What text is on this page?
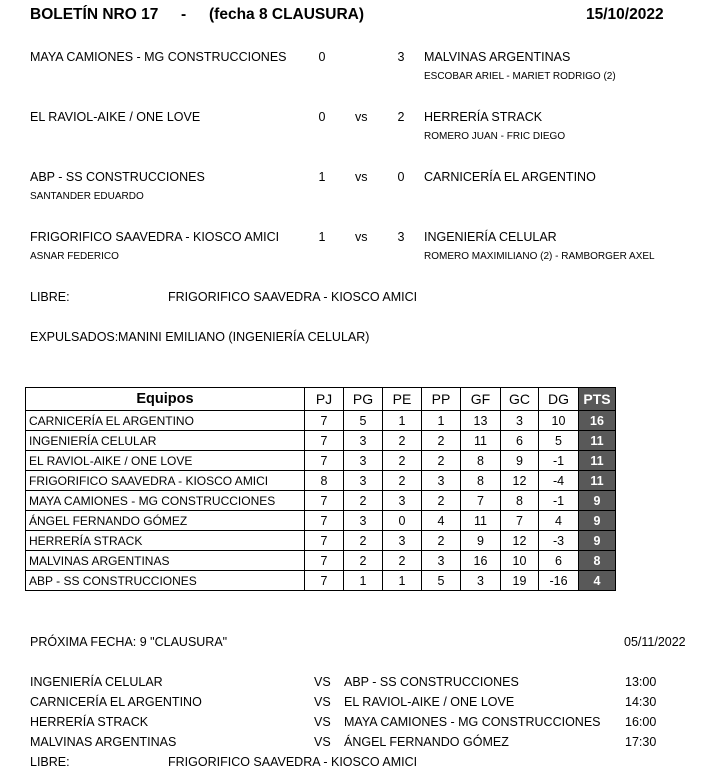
BOLETÍN NRO 17 - (fecha 8 CLAUSURA)	15/10/2022
MAYA CAMIONES - MG CONSTRUCCIONES	0	3	MALVINAS ARGENTINAS
ESCOBAR ARIEL - MARIET RODRIGO (2)
EL RAVIOL-AIKE / ONE LOVE	0	vs	2	HERRERÍA STRACK
ROMERO JUAN - FRIC DIEGO
ABP - SS CONSTRUCCIONES	1	vs	0	CARNICERÍA EL ARGENTINO
SANTANDER EDUARDO
FRIGORIFICO SAAVEDRA - KIOSCO AMICI	1	vs	3	INGENIERÍA CELULAR
ASNAR FEDERICO	ROMERO MAXIMILIANO (2) - RAMBORGER AXEL
LIBRE:	FRIGORIFICO SAAVEDRA - KIOSCO AMICI
EXPULSADOS: MANINI EMILIANO (INGENIERÍA CELULAR)
Equipos	PJ	PG	PE	PP	GF	GC	DG	PTS
CARNICERÍA EL ARGENTINO	7	5	1	1	13	3	10	16
INGENIERÍA CELULAR	7	3	2	2	11	6	5	11
EL RAVIOL-AIKE / ONE LOVE	7	3	2	2	8	9	-1	11
FRIGORIFICO SAAVEDRA - KIOSCO AMICI	8	3	2	3	8	12	-4	11
MAYA CAMIONES - MG CONSTRUCCIONES	7	2	3	2	7	8	-1	9
ÁNGEL FERNANDO GÓMEZ	7	3	0	4	11	7	4	9
HERRERÍA STRACK	7	2	3	2	9	12	-3	9
MALVINAS ARGENTINAS	7	2	2	3	16	10	6	8
ABP - SS CONSTRUCCIONES	7	1	1	5	3	19	-16	4
PRÓXIMA FECHA: 9 "CLAUSURA"	05/11/2022
INGENIERÍA CELULAR	VS ABP - SS CONSTRUCCIONES	13:00
CARNICERÍA EL ARGENTINO	VS EL RAVIOL-AIKE / ONE LOVE	14:30
HERRERÍA STRACK	VS MAYA CAMIONES - MG CONSTRUCCIONES 16:00
MALVINAS ARGENTINAS	VS ÁNGEL FERNANDO GÓMEZ	17:30
LIBRE:	FRIGORIFICO SAAVEDRA - KIOSCO AMICI
